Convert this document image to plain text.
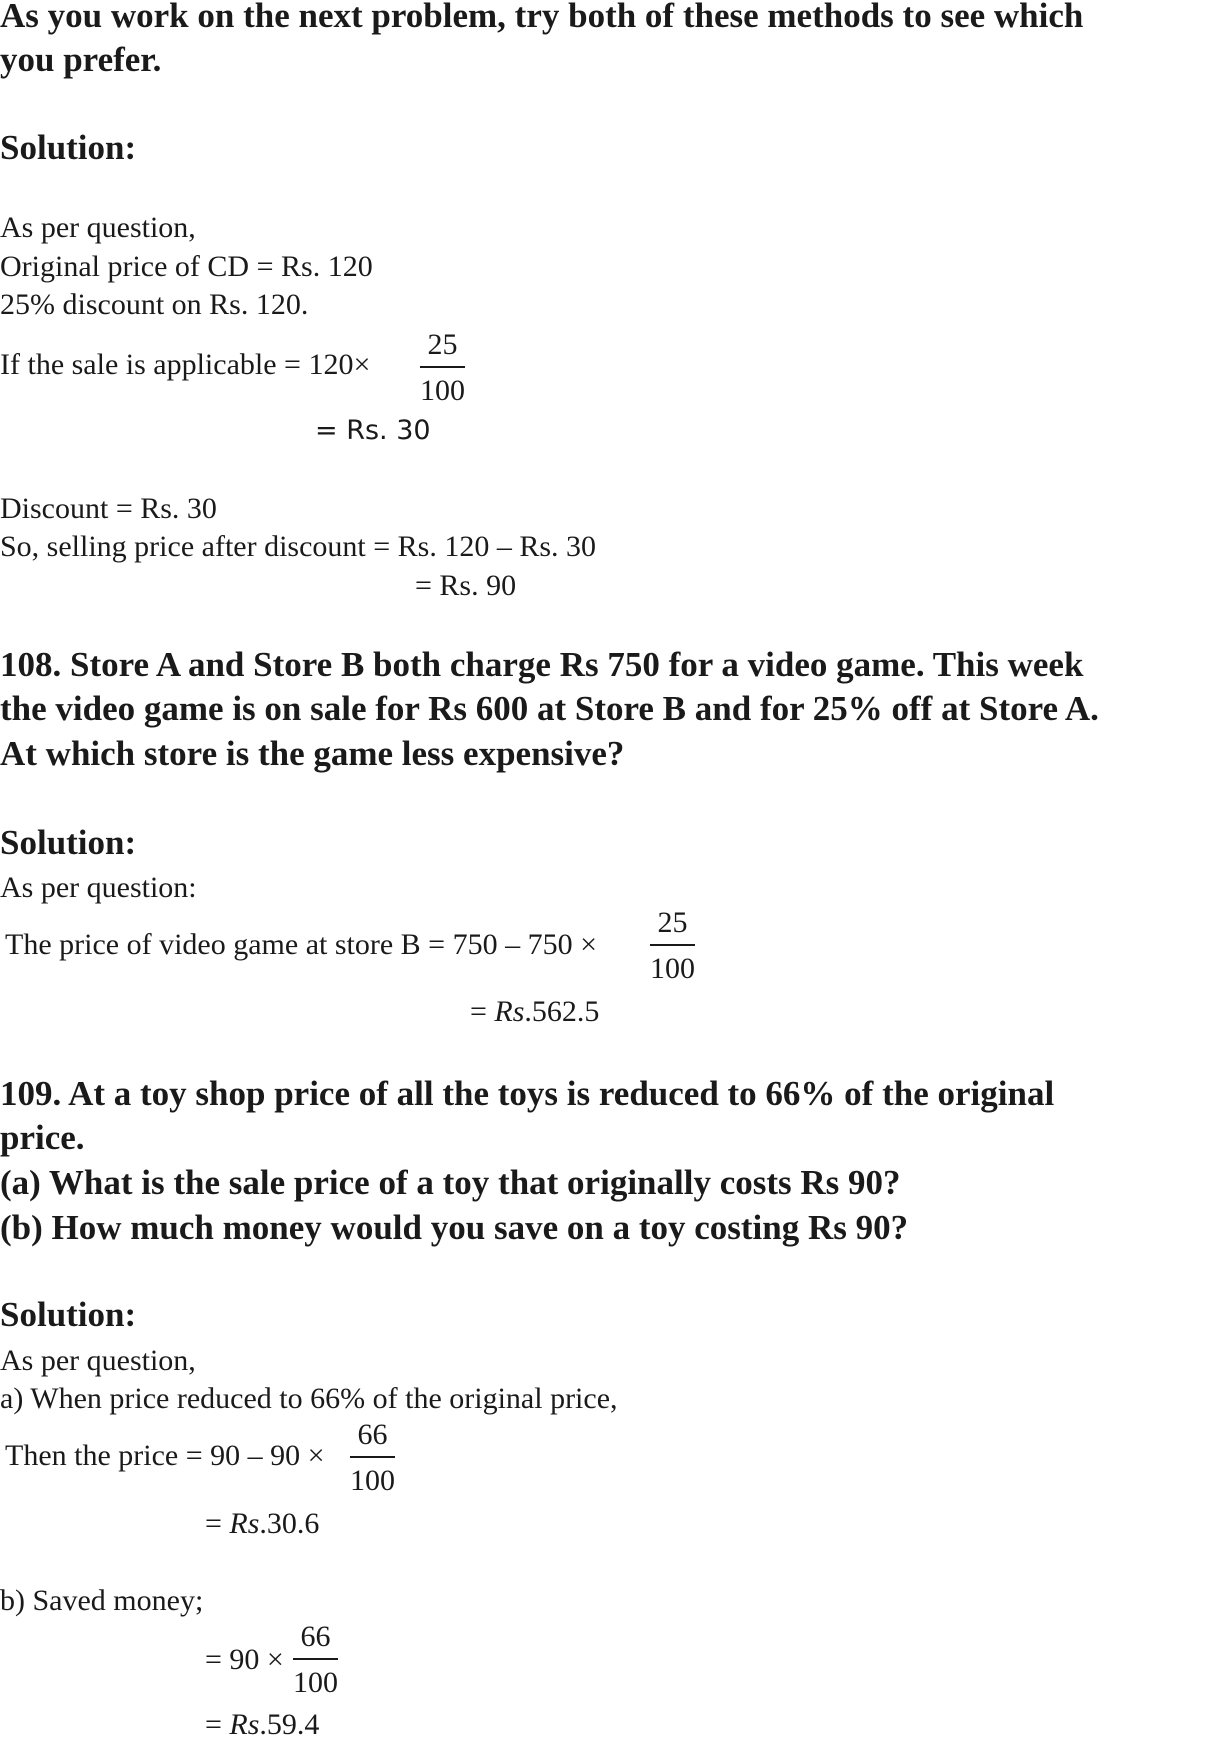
As you work on the next problem, try both of these methods to see which
you prefer.
Solution:
As per question,
Original price of CD = Rs. 120
25% discount on Rs. 120.
If the sale is applicable = 120×
25
100
= Rs. 30
Discount = Rs. 30
So, selling price after discount = Rs. 120 – Rs. 30
= Rs. 90
108. Store A and Store B both charge Rs 750 for a video game. This week
the video game is on sale for Rs 600 at Store B and for 25% off at Store A.
At which store is the game less expensive?
Solution:
As per question:
The price of video game at store B = 750 – 750 ×
25
100
= Rs.562.5
109. At a toy shop price of all the toys is reduced to 66% of the original
price.
(a) What is the sale price of a toy that originally costs Rs 90?
(b) How much money would you save on a toy costing Rs 90?
Solution:
As per question,
a) When price reduced to 66% of the original price,
Then the price = 90 – 90 ×
66
100
= Rs.30.6
b) Saved money;
= 90 ×
66
100
= Rs.59.4
